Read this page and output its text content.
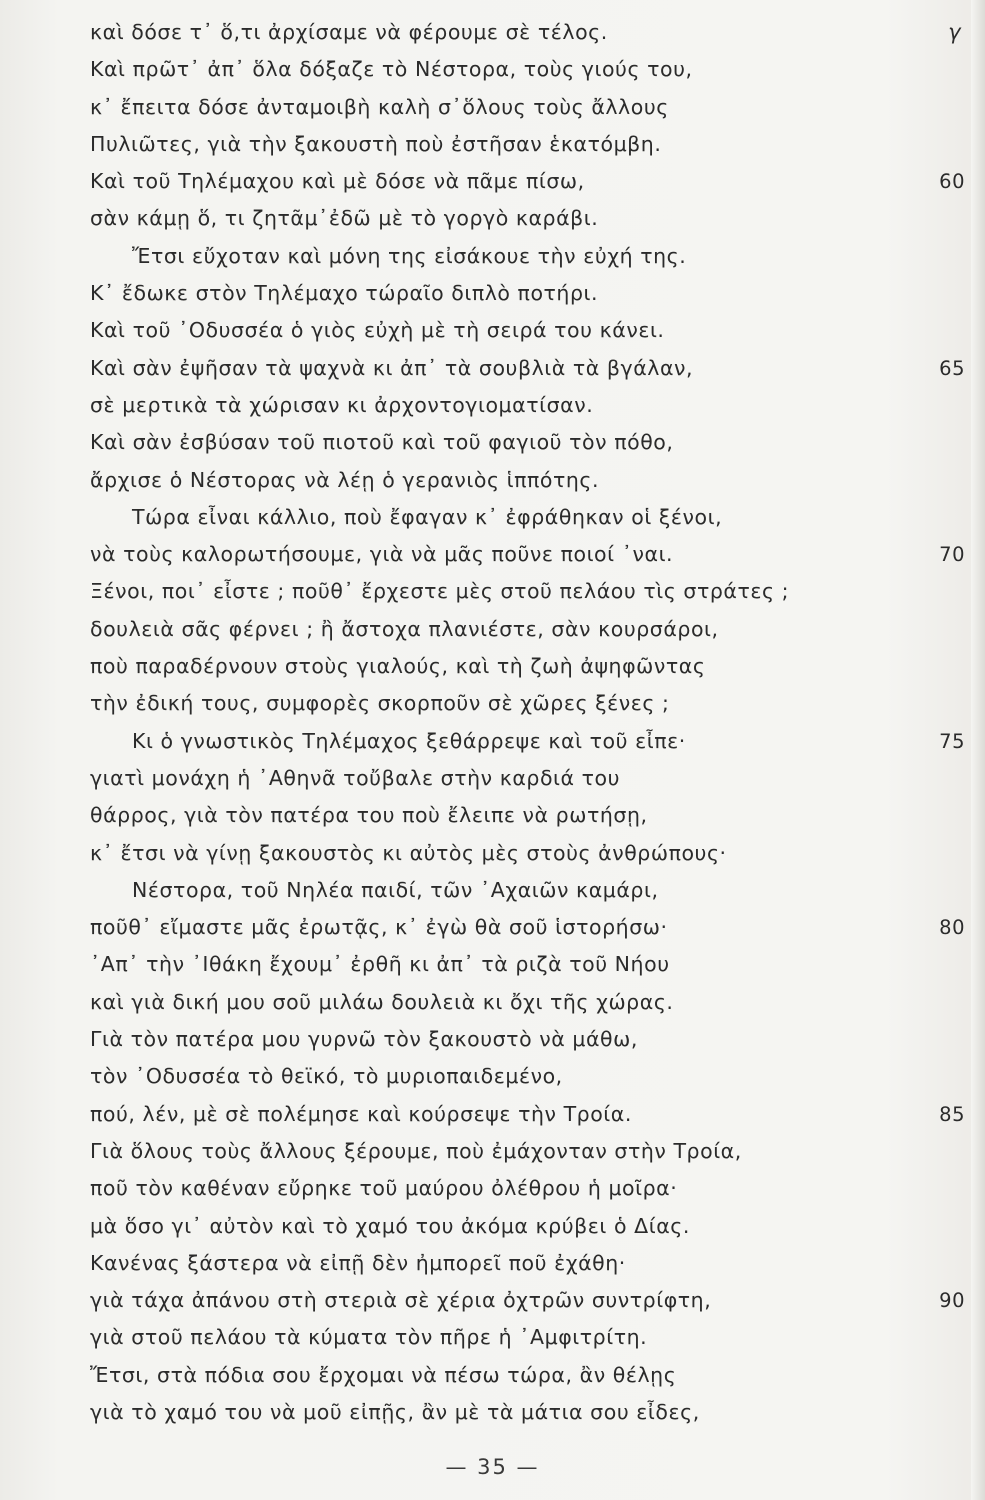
καὶ δόσε τ᾿ ὅ,τι ἀρχίσαμε νὰ φέρουμε σὲ τέλος.	γ
Καὶ πρῶτ᾿ ἀπ᾿ ὅλα δόξαζε τὸ Νέστορα, τοὺς γιούς του,
κ᾿ ἔπειτα δόσε ἀνταμοιβὴ καλὴ σ᾿ὅλους τοὺς ἄλλους
Πυλιῶτες, γιὰ τὴν ξακουστὴ ποὺ ἐστῆσαν ἑκατόμβη.
Καὶ τοῦ Τηλέμαχου καὶ μὲ δόσε νὰ πᾶμε πίσω,	60
σὰν κάμῃ ὅ, τι ζητᾶμ᾿ἐδῶ μὲ τὸ γοργὸ καράβι.
Ἔτσι εὔχοταν καὶ μόνη της εἰσάκουε τὴν εὐχή της.
Κ᾿ ἔδωκε στὸν Τηλέμαχο τώραῖο διπλὸ ποτήρι.
Καὶ τοῦ ᾿Οδυσσέα ὁ γιὸς εὐχὴ μὲ τὴ σειρά του κάνει.
Καὶ σὰν ἐψῆσαν τὰ ψαχνὰ κι ἀπ᾿ τὰ σουβλιὰ τὰ βγάλαν,	65
σὲ μερτικὰ τὰ χώρισαν κι ἀρχοντογιοματίσαν.
Καὶ σὰν ἐσβύσαν τοῦ πιοτοῦ καὶ τοῦ φαγιοῦ τὸν πόθο,
ἄρχισε ὁ Νέστορας νὰ λέῃ ὁ γερανιὸς ἱππότης.
Τώρα εἶναι κάλλιο, ποὺ ἔφαγαν κ᾿ ἐφράθηκαν οἱ ξένοι,
νὰ τοὺς καλορωτήσουμε, γιὰ νὰ μᾶς ποῦνε ποιοί ᾿ναι.	70
Ξένοι, ποι᾿ εἶστε ; ποῦθ᾿ ἔρχεστε μὲς στοῦ πελάου τὶς στράτες ;
δουλειὰ σᾶς φέρνει ; ἢ ἄστοχα πλανιέστε, σὰν κουρσάροι,
ποὺ παραδέρνουν στοὺς γιαλούς, καὶ τὴ ζωὴ ἀψηφῶντας
τὴν ἐδική τους, συμφορὲς σκορποῦν σὲ χῶρες ξένες ;
Κι ὁ γνωστικὸς Τηλέμαχος ξεθάρρεψε καὶ τοῦ εἶπε·	75
γιατὶ μονάχη ἡ ᾿Αθηνᾶ τοὔβαλε στὴν καρδιά του
θάρρος, γιὰ τὸν πατέρα του ποὺ ἔλειπε νὰ ρωτήσῃ,
κ᾿ ἔτσι νὰ γίνῃ ξακουστὸς κι αὐτὸς μὲς στοὺς ἀνθρώπους·
Νέστορα, τοῦ Νηλέα παιδί, τῶν ᾿Αχαιῶν καμάρι,
ποῦθ᾿ εἴμαστε μᾶς ἐρωτᾷς, κ᾿ ἐγὼ θὰ σοῦ ἱστορήσω·	80
᾿Απ᾿ τὴν ᾿Ιθάκη ἔχουμ᾿ ἐρθῆ κι ἀπ᾿ τὰ ριζὰ τοῦ Νήου
καὶ γιὰ δική μου σοῦ μιλάω δουλειὰ κι ὄχι τῆς χώρας.
Γιὰ τὸν πατέρα μου γυρνῶ τὸν ξακουστὸ νὰ μάθω,
τὸν ᾿Οδυσσέα τὸ θεϊκό, τὸ μυριοπαιδεμένο,
πού, λέν, μὲ σὲ πολέμησε καὶ κούρσεψε τὴν Τροία.	85
Γιὰ ὅλους τοὺς ἄλλους ξέρουμε, ποὺ ἐμάχονταν στὴν Τροία,
ποῦ τὸν καθέναν εὔρηκε τοῦ μαύρου ὀλέθρου ἡ μοῖρα·
μὰ ὅσο γι᾿ αὐτὸν καὶ τὸ χαμό του ἀκόμα κρύβει ὁ Δίας.
Κανένας ξάστερα νὰ εἰπῇ δὲν ἠμπορεῖ ποῦ ἐχάθη·
γιὰ τάχα ἀπάνου στὴ στεριὰ σὲ χέρια ὀχτρῶν συντρίφτη,	90
γιὰ στοῦ πελάου τὰ κύματα τὸν πῆρε ἡ ᾿Αμφιτρίτη.
Ἔτσι, στὰ πόδια σου ἔρχομαι νὰ πέσω τώρα, ἂν θέλῃς
γιὰ τὸ χαμό του νὰ μοῦ εἰπῇς, ἂν μὲ τὰ μάτια σου εἶδες,
— 35 —
